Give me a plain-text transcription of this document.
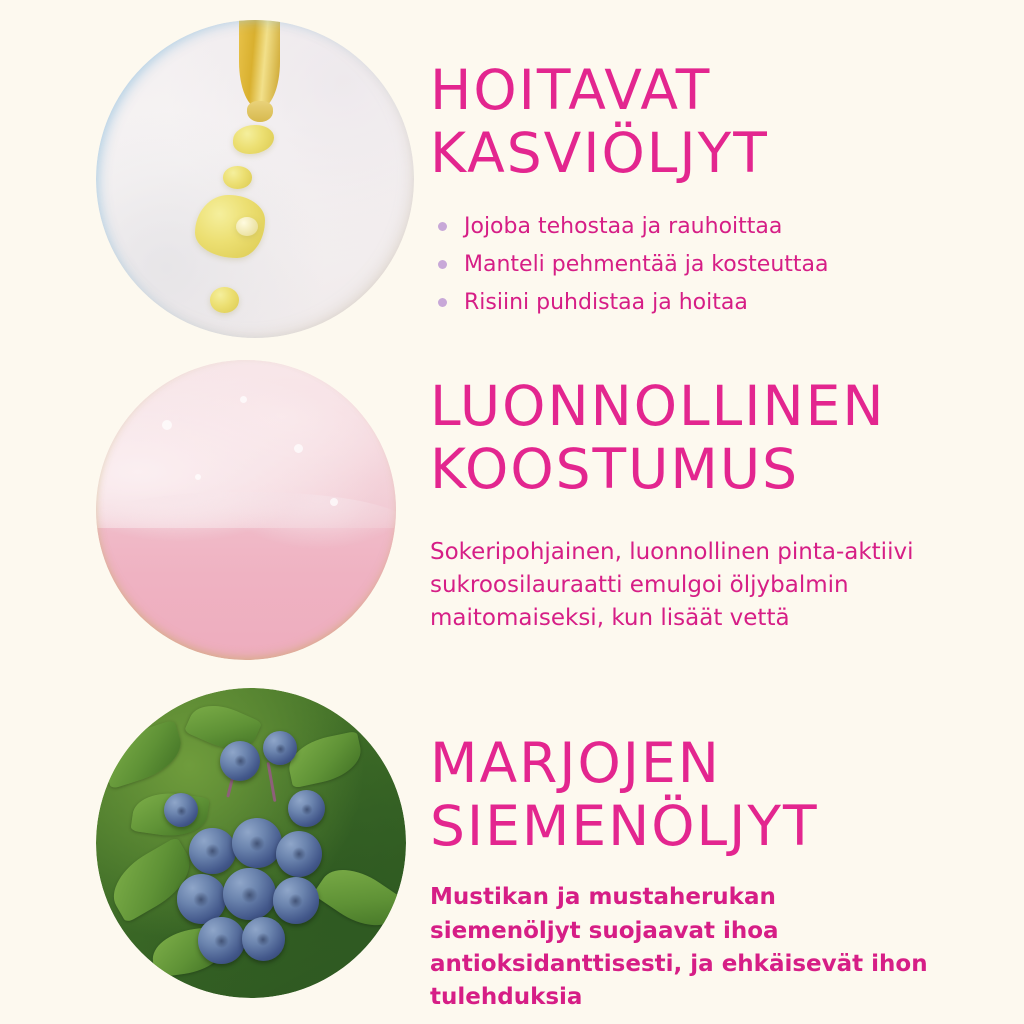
HOITAVAT
KASVIÖLJYT
Jojoba tehostaa ja rauhoittaa
Manteli pehmentää ja kosteuttaa
Risiini puhdistaa ja hoitaa
LUONNOLLINEN
KOOSTUMUS
Sokeripohjainen, luonnollinen pinta-aktiivi sukroosilauraatti emulgoi öljybalmin maitomaiseksi, kun lisäät vettä
MARJOJEN
SIEMENÖLJYT
Mustikan ja mustaherukan siemenöljyt suojaavat ihoa antioksidanttisesti, ja ehkäisevät ihon tulehduksia
